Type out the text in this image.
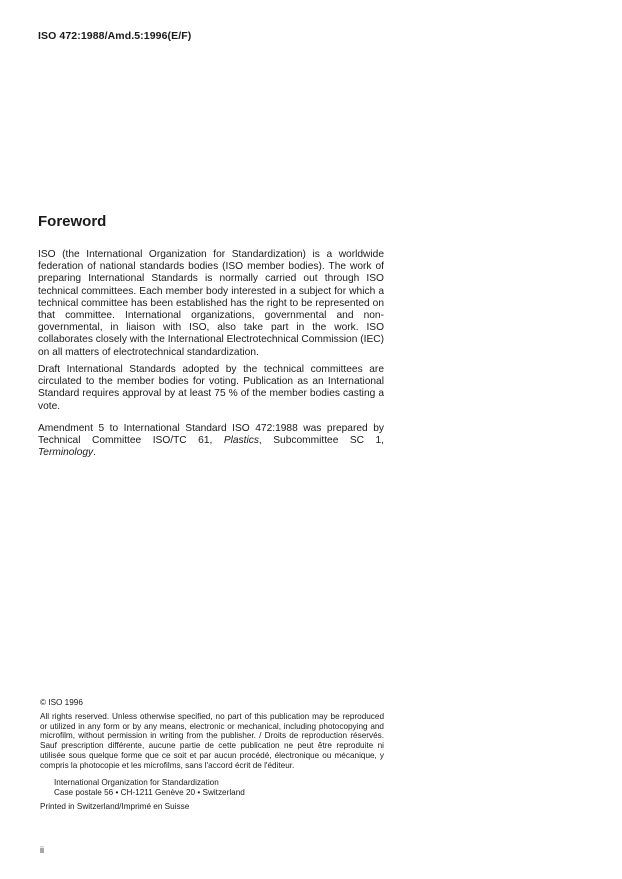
ISO 472:1988/Amd.5:1996(E/F)
Foreword

ISO (the International Organization for Standardization) is a worldwide federation of national standards bodies (ISO member bodies). The work of preparing International Standards is normally carried out through ISO technical committees. Each member body interested in a subject for which a technical committee has been established has the right to be represented on that committee. International organizations, governmental and non-governmental, in liaison with ISO, also take part in the work. ISO collaborates closely with the International Electrotechnical Commission (IEC) on all matters of electrotechnical standardization.

Draft International Standards adopted by the technical committees are circulated to the member bodies for voting. Publication as an International Standard requires approval by at least 75 % of the member bodies casting a vote.

Amendment 5 to International Standard ISO 472:1988 was prepared by Technical Committee ISO/TC 61, Plastics, Subcommittee SC 1, Terminology.

© ISO 1996

All rights reserved. Unless otherwise specified, no part of this publication may be reproduced or utilized in any form or by any means, electronic or mechanical, including photocopying and microfilm, without permission in writing from the publisher. / Droits de reproduction réservés. Sauf prescription différente, aucune partie de cette publication ne peut être reproduite ni utilisée sous quelque forme que ce soit et par aucun procédé, électronique ou mécanique, y compris la photocopie et les microfilms, sans l'accord écrit de l'éditeur.

International Organization for Standardization

Case postale 56 • CH-1211 Genève 20 • Switzerland

Printed in Switzerland/Imprimé en Suisse

ii
